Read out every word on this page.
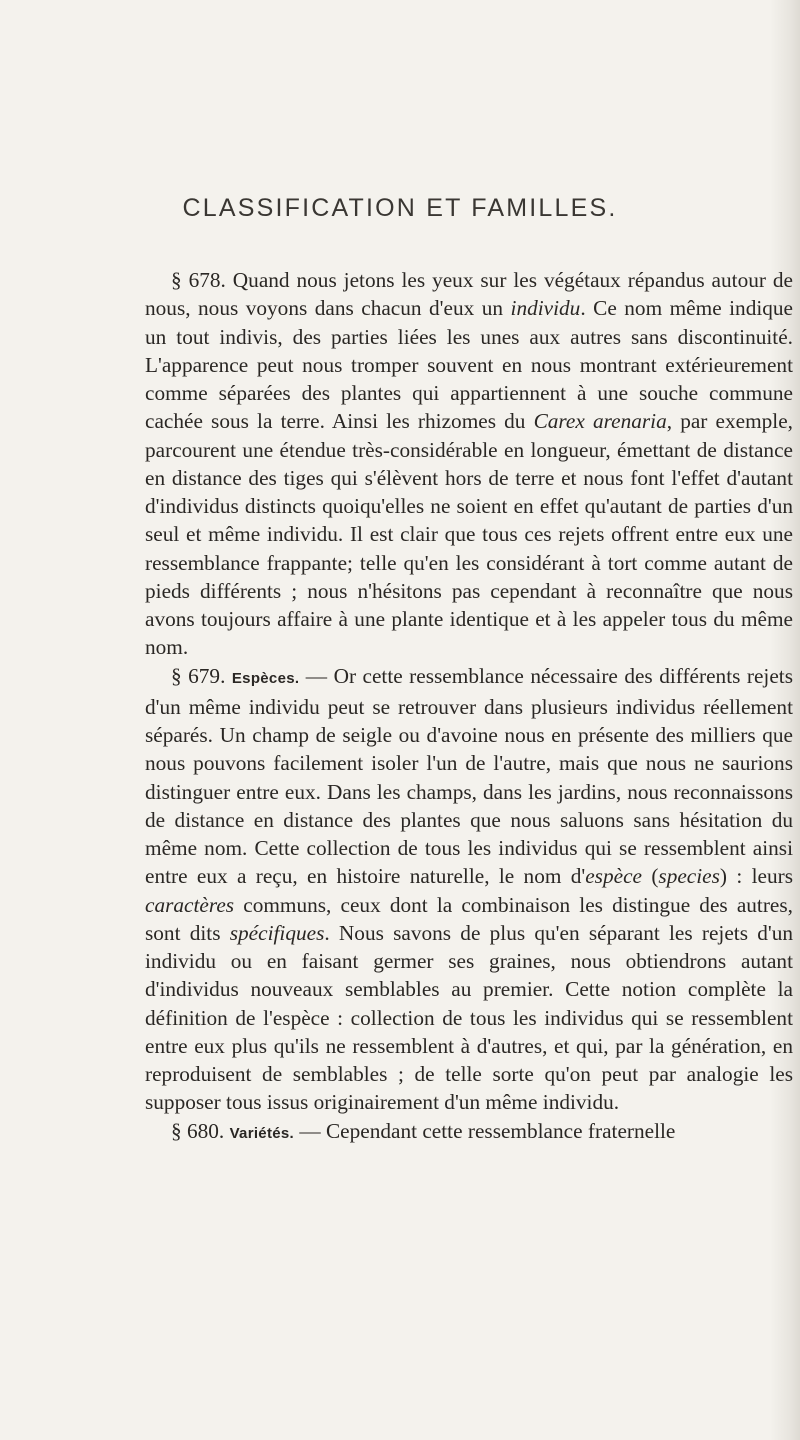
CLASSIFICATION ET FAMILLES.

§ 678. Quand nous jetons les yeux sur les végétaux répandus autour de nous, nous voyons dans chacun d'eux un individu. Ce nom même indique un tout indivis, des parties liées les unes aux autres sans discontinuité. L'apparence peut nous tromper souvent en nous montrant extérieurement comme séparées des plantes qui appartiennent à une souche commune cachée sous la terre. Ainsi les rhizomes du Carex arenaria, par exemple, parcourent une étendue très-considérable en longueur, émettant de distance en distance des tiges qui s'élèvent hors de terre et nous font l'effet d'autant d'individus distincts quoiqu'elles ne soient en effet qu'autant de parties d'un seul et même individu. Il est clair que tous ces rejets offrent entre eux une ressemblance frappante; telle qu'en les considérant à tort comme autant de pieds différents ; nous n'hésitons pas cependant à reconnaître que nous avons toujours affaire à une plante identique et à les appeler tous du même nom.

§ 679. Espèces. — Or cette ressemblance nécessaire des différents rejets d'un même individu peut se retrouver dans plusieurs individus réellement séparés. Un champ de seigle ou d'avoine nous en présente des milliers que nous pouvons facilement isoler l'un de l'autre, mais que nous ne saurions distinguer entre eux. Dans les champs, dans les jardins, nous reconnaissons de distance en distance des plantes que nous saluons sans hésitation du même nom. Cette collection de tous les individus qui se ressemblent ainsi entre eux a reçu, en histoire naturelle, le nom d'espèce (species) : leurs caractères communs, ceux dont la combinaison les distingue des autres, sont dits spécifiques. Nous savons de plus qu'en séparant les rejets d'un individu ou en faisant germer ses graines, nous obtiendrons autant d'individus nouveaux semblables au premier. Cette notion complète la définition de l'espèce : collection de tous les individus qui se ressemblent entre eux plus qu'ils ne ressemblent à d'autres, et qui, par la génération, en reproduisent de semblables ; de telle sorte qu'on peut par analogie les supposer tous issus originairement d'un même individu.

§ 680. Variétés. — Cependant cette ressemblance fraternelle
